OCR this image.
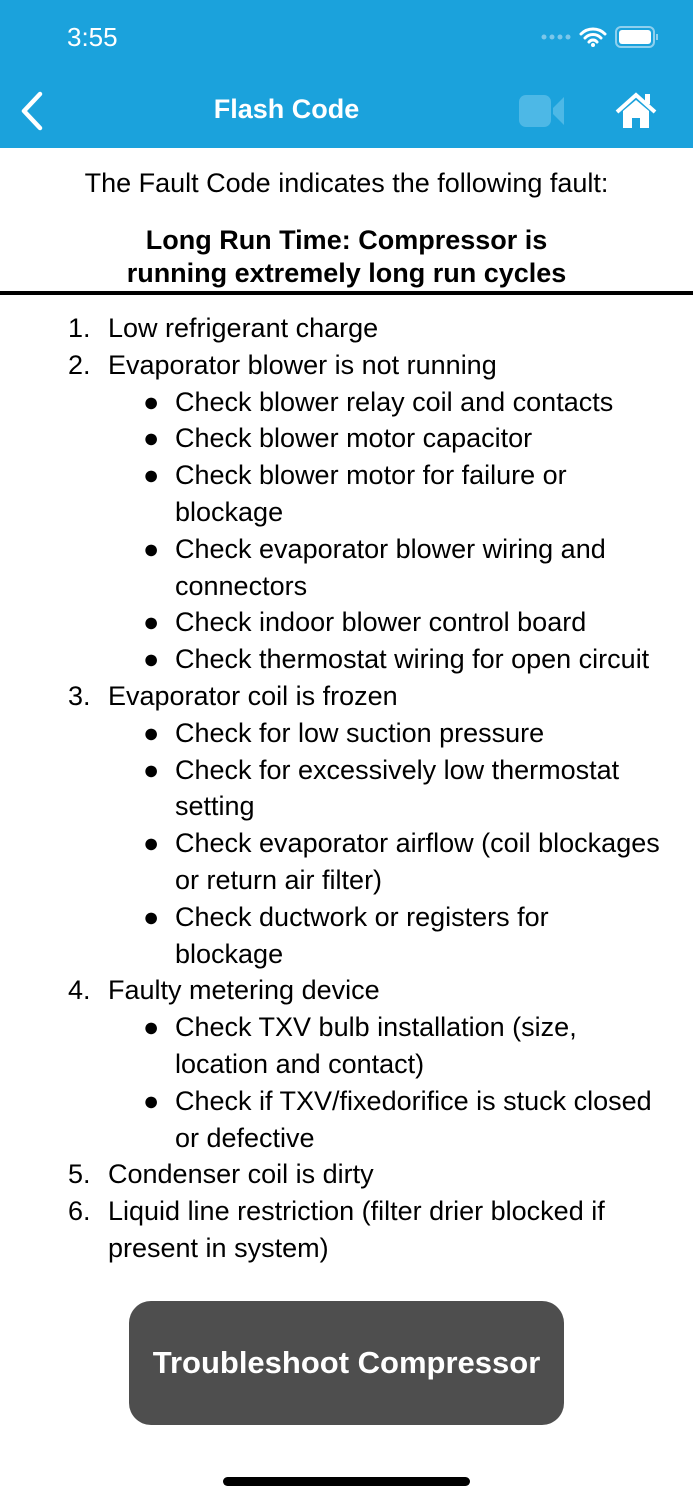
3:55
Flash Code
The Fault Code indicates the following fault:
Long Run Time: Compressor is
running extremely long run cycles
1. Low refrigerant charge
2. Evaporator blower is not running
● Check blower relay coil and contacts
● Check blower motor capacitor
● Check blower motor for failure or blockage
● Check evaporator blower wiring and connectors
● Check indoor blower control board
● Check thermostat wiring for open circuit
3. Evaporator coil is frozen
● Check for low suction pressure
● Check for excessively low thermostat setting
● Check evaporator airflow (coil blockages or return air filter)
● Check ductwork or registers for blockage
4. Faulty metering device
● Check TXV bulb installation (size, location and contact)
● Check if TXV/fixedorifice is stuck closed or defective
5. Condenser coil is dirty
6. Liquid line restriction (filter drier blocked if present in system)
Troubleshoot Compressor
